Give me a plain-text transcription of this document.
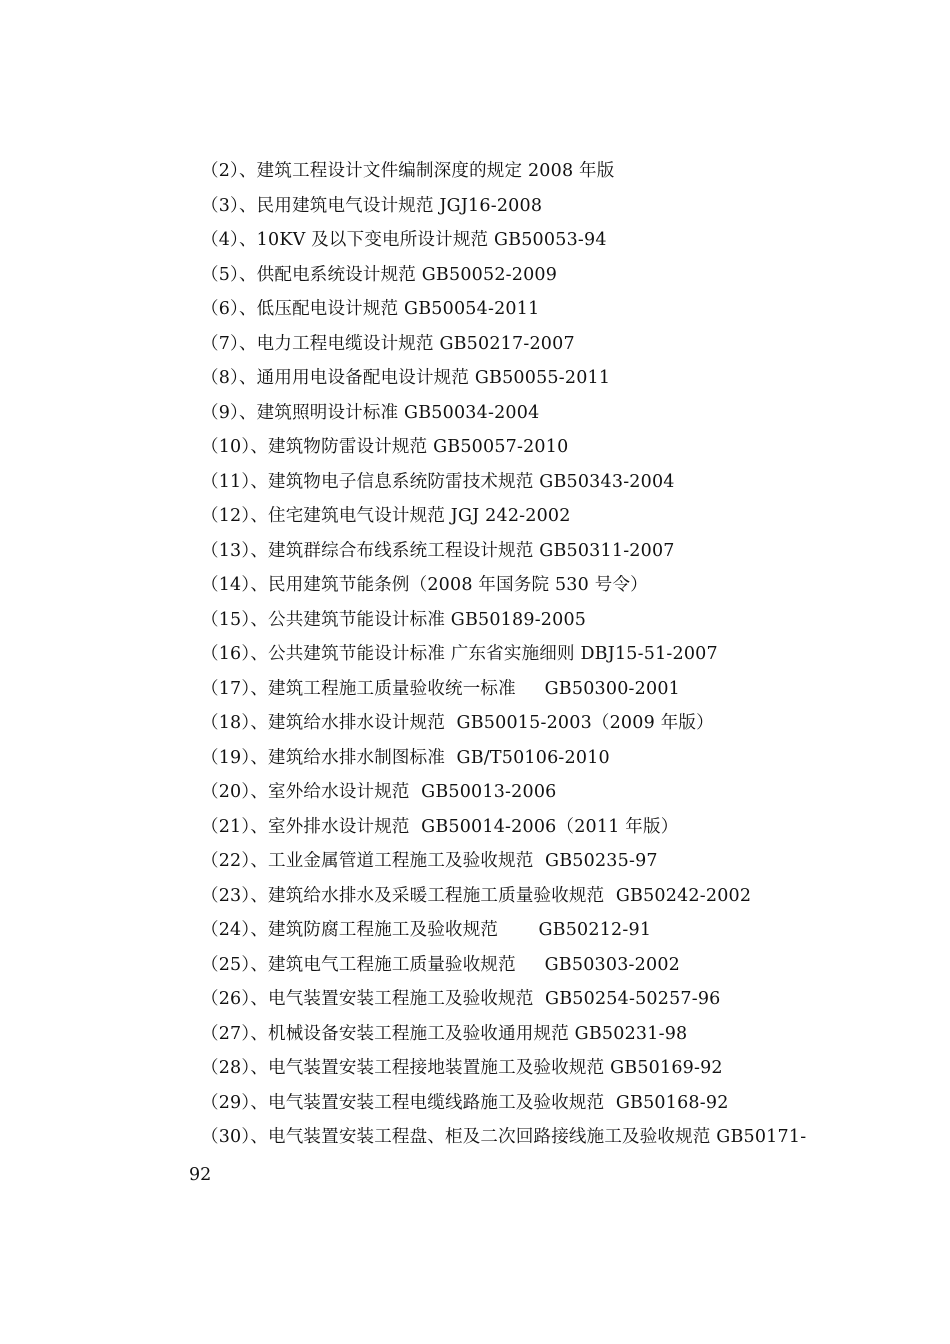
（2）、建筑工程设计文件编制深度的规定 2008 年版
（3）、民用建筑电气设计规范 JGJ16-2008
（4）、10KV 及以下变电所设计规范 GB50053-94
（5）、供配电系统设计规范 GB50052-2009
（6）、低压配电设计规范 GB50054-2011
（7）、电力工程电缆设计规范 GB50217-2007
（8）、通用用电设备配电设计规范 GB50055-2011
（9）、建筑照明设计标准 GB50034-2004
（10）、建筑物防雷设计规范 GB50057-2010
（11）、建筑物电子信息系统防雷技术规范 GB50343-2004
（12）、住宅建筑电气设计规范 JGJ 242-2002
（13）、建筑群综合布线系统工程设计规范 GB50311-2007
（14）、民用建筑节能条例（2008 年国务院 530 号令）
（15）、公共建筑节能设计标准 GB50189-2005
（16）、公共建筑节能设计标准 广东省实施细则 DBJ15-51-2007
（17）、建筑工程施工质量验收统一标准     GB50300-2001
（18）、建筑给水排水设计规范  GB50015-2003（2009 年版）
（19）、建筑给水排水制图标准  GB/T50106-2010
（20）、室外给水设计规范  GB50013-2006
（21）、室外排水设计规范  GB50014-2006（2011 年版）
（22）、工业金属管道工程施工及验收规范  GB50235-97
（23）、建筑给水排水及采暖工程施工质量验收规范  GB50242-2002
（24）、建筑防腐工程施工及验收规范       GB50212-91
（25）、建筑电气工程施工质量验收规范     GB50303-2002
（26）、电气装置安装工程施工及验收规范  GB50254-50257-96
（27）、机械设备安装工程施工及验收通用规范 GB50231-98
（28）、电气装置安装工程接地装置施工及验收规范 GB50169-92
（29）、电气装置安装工程电缆线路施工及验收规范  GB50168-92
（30）、电气装置安装工程盘、柜及二次回路接线施工及验收规范 GB50171-
92
